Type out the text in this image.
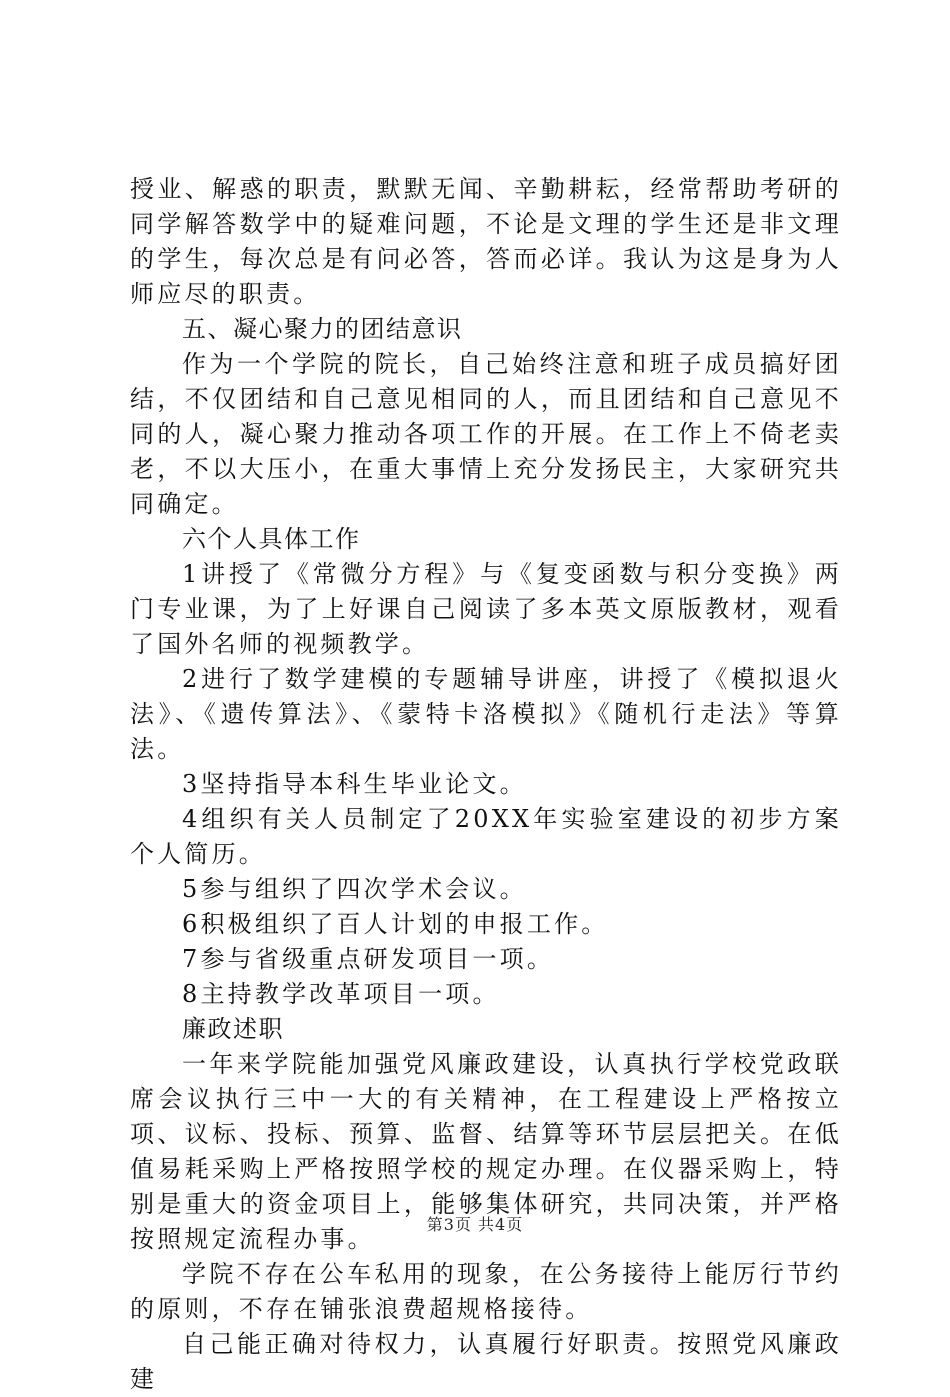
授业、解惑的职责，默默无闻、辛勤耕耘，经常帮助考研的同学解答数学中的疑难问题，不论是文理的学生还是非文理的学生，每次总是有问必答，答而必详。我认为这是身为人师应尽的职责。

五、凝心聚力的团结意识

作为一个学院的院长，自己始终注意和班子成员搞好团结，不仅团结和自己意见相同的人，而且团结和自己意见不同的人，凝心聚力推动各项工作的开展。在工作上不倚老卖老，不以大压小，在重大事情上充分发扬民主，大家研究共同确定。

六个人具体工作

1讲授了《常微分方程》与《复变函数与积分变换》两门专业课，为了上好课自己阅读了多本英文原版教材，观看了国外名师的视频教学。

2进行了数学建模的专题辅导讲座，讲授了《模拟退火法》、《遗传算法》、《蒙特卡洛模拟》《随机行走法》等算法。

3坚持指导本科生毕业论文。

4组织有关人员制定了20XX年实验室建设的初步方案个人简历。

5参与组织了四次学术会议。

6积极组织了百人计划的申报工作。

7参与省级重点研发项目一项。

8主持教学改革项目一项。

廉政述职

一年来学院能加强党风廉政建设，认真执行学校党政联席会议执行三中一大的有关精神，在工程建设上严格按立项、议标、投标、预算、监督、结算等环节层层把关。在低值易耗采购上严格按照学校的规定办理。在仪器采购上，特别是重大的资金项目上，能够集体研究，共同决策，并严格按照规定流程办事。

学院不存在公车私用的现象，在公务接待上能厉行节约的原则，不存在铺张浪费超规格接待。

自己能正确对待权力，认真履行好职责。按照党风廉政建

第3页 共4页
